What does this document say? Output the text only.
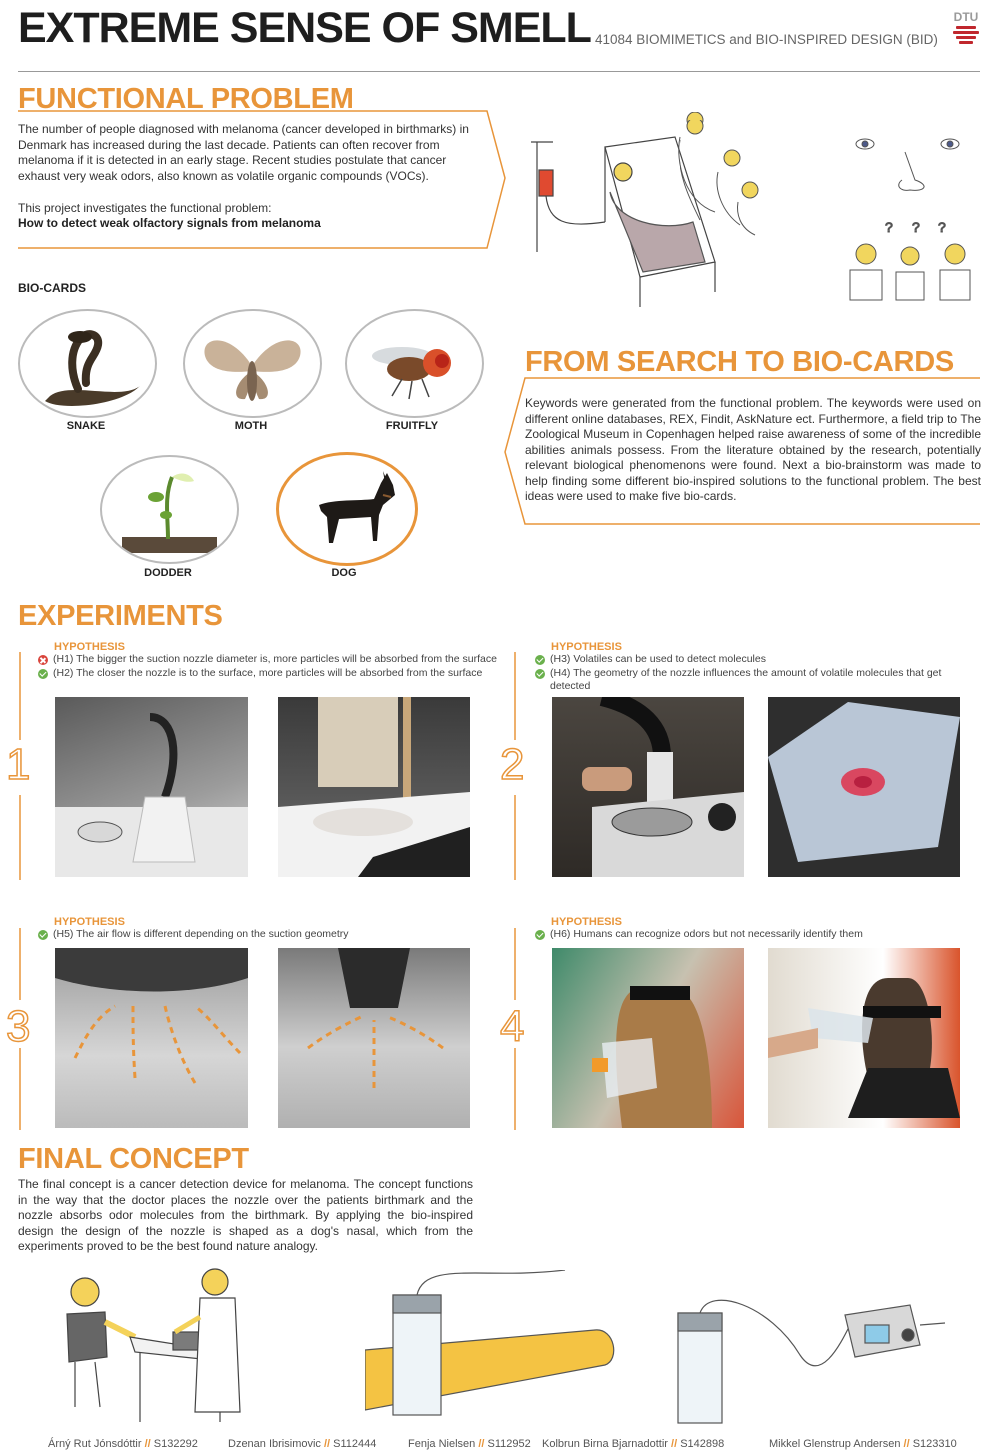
EXTREME SENSE OF SMELL 41084 BIOMIMETICS and BIO-INSPIRED DESIGN (BID)
DTU
FUNCTIONAL PROBLEM
The number of people diagnosed with melanoma (cancer developed in birthmarks) in Denmark has increased during the last decade. Patients can often recover from melanoma if it is detected in an early stage. Recent studies postulate that cancer exhaust very weak odors, also known as volatile organic compounds (VOCs).
This project investigates the functional problem:
How to detect weak olfactory signals from melanoma	? ? ?
BIO-CARDS
SNAKE	MOTH	FRUITFLY
DODDER	DOG
FROM SEARCH TO BIO-CARDS
Keywords were generated from the functional problem. The keywords were used on different online databases, REX, Findit, AskNature ect. Furthermore, a field trip to The Zoological Museum in Copenhagen helped raise awareness of some of the incredible abilities animals possess. From the literature obtained by the research, potentially relevant biological phenomenons were found. Next a bio-brainstorm was made to help finding some different bio-inspired solutions to the functional problem. The best ideas were used to make five bio-cards.
EXPERIMENTS
HYPOTHESIS
(H1) The bigger the suction nozzle diameter is, more particles will be absorbed from the surface
(H2) The closer the nozzle is to the surface, more particles will be absorbed from the surface
1
HYPOTHESIS
(H3) Volatiles can be used to detect molecules
(H4) The geometry of the nozzle influences the amount of volatile molecules that get detected
2
HYPOTHESIS
(H5) The air flow is different depending on the suction geometry
3
HYPOTHESIS
(H6) Humans can recognize odors but not necessarily identify them
4
FINAL CONCEPT
The final concept is a cancer detection device for melanoma. The concept functions in the way that the doctor places the nozzle over the patients birthmark and the nozzle absorbs odor molecules from the birthmark. By applying the bio-inspired design the design of the nozzle is shaped as a dog's nasal, which from the experiments proved to be the best found nature analogy.
Árný Rut Jónsdóttir // S132292	Dzenan Ibrisimovic // S112444	Fenja Nielsen // S112952 Kolbrun Birna Bjarnadottir // S142898	Mikkel Glenstrup Andersen // S123310
